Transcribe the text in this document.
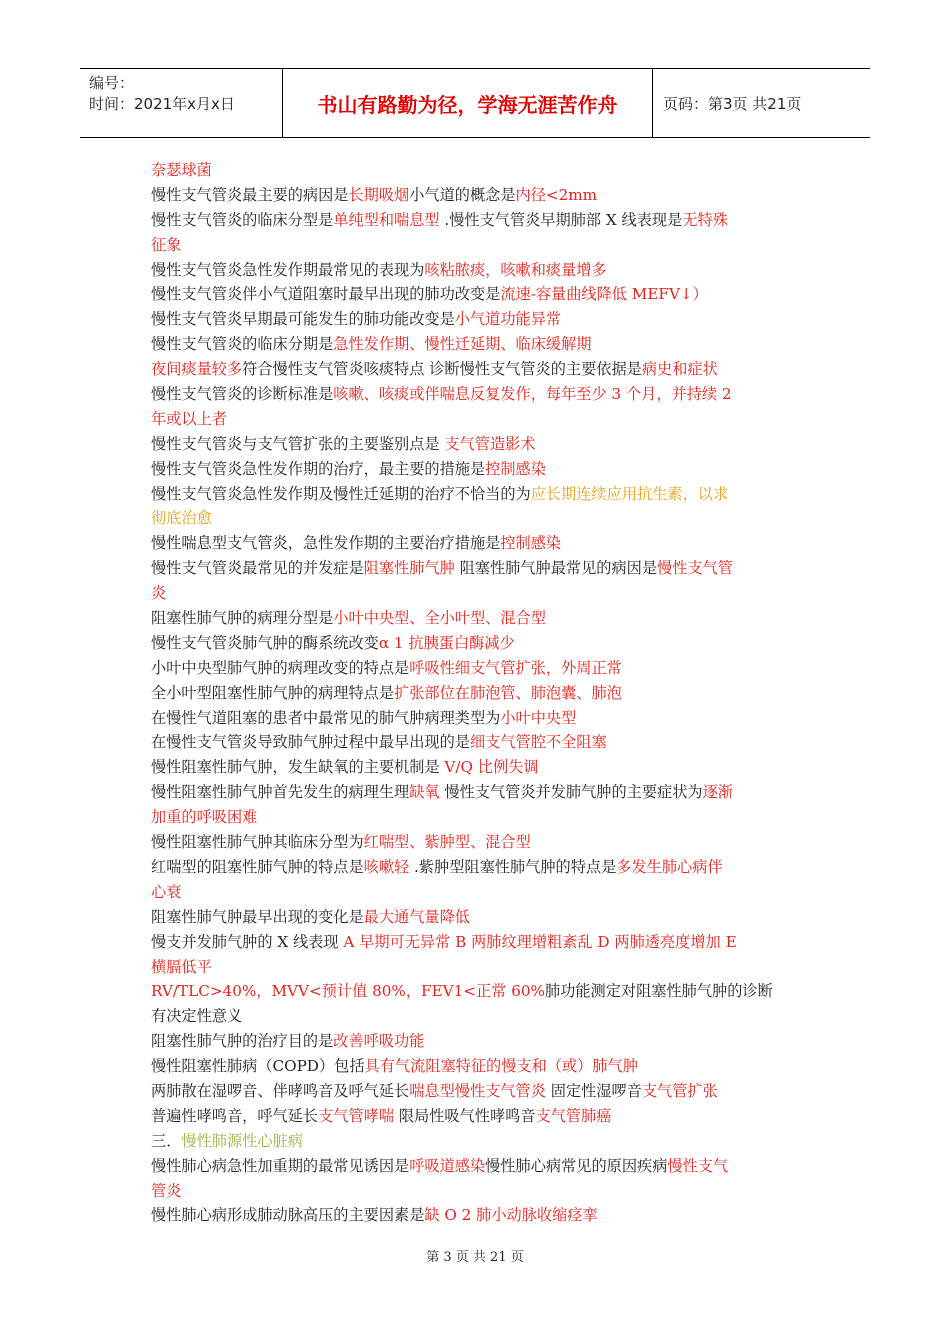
编号：
时间：2021年x月x日	书山有路勤为径，学海无涯苦作舟	页码：第3页 共21页
奈瑟球菌
慢性支气管炎最主要的病因是长期吸烟小气道的概念是内径<2mm
慢性支气管炎的临床分型是单纯型和喘息型 .慢性支气管炎早期肺部 X 线表现是无特殊
征象
慢性支气管炎急性发作期最常见的表现为咳粘脓痰，咳嗽和痰量增多
慢性支气管炎伴小气道阻塞时最早出现的肺功改变是流速-容量曲线降低 MEFV↓）
慢性支气管炎早期最可能发生的肺功能改变是小气道功能异常
慢性支气管炎的临床分期是急性发作期、慢性迁延期、临床缓解期
夜间痰量较多符合慢性支气管炎咳痰特点 诊断慢性支气管炎的主要依据是病史和症状
慢性支气管炎的诊断标准是咳嗽、咳痰或伴喘息反复发作，每年至少 3 个月，并持续 2
年或以上者
慢性支气管炎与支气管扩张的主要鉴别点是 支气管造影术
慢性支气管炎急性发作期的治疗，最主要的措施是控制感染
慢性支气管炎急性发作期及慢性迁延期的治疗不恰当的为应长期连续应用抗生素，以求
彻底治愈
慢性喘息型支气管炎，急性发作期的主要治疗措施是控制感染
慢性支气管炎最常见的并发症是阻塞性肺气肿 阻塞性肺气肿最常见的病因是慢性支气管
炎
阻塞性肺气肿的病理分型是小叶中央型、全小叶型、混合型
慢性支气管炎肺气肿的酶系统改变α 1 抗胰蛋白酶减少
小叶中央型肺气肿的病理改变的特点是呼吸性细支气管扩张，外周正常
全小叶型阻塞性肺气肿的病理特点是扩张部位在肺泡管、肺泡囊、肺泡
在慢性气道阻塞的患者中最常见的肺气肿病理类型为小叶中央型
在慢性支气管炎导致肺气肿过程中最早出现的是细支气管腔不全阻塞
慢性阻塞性肺气肿，发生缺氧的主要机制是 V/Q 比例失调
慢性阻塞性肺气肿首先发生的病理生理缺氧 慢性支气管炎并发肺气肿的主要症状为逐渐
加重的呼吸困难
慢性阻塞性肺气肿其临床分型为红喘型、紫肿型、混合型
红喘型的阻塞性肺气肿的特点是咳嗽轻 .紫肿型阻塞性肺气肿的特点是多发生肺心病伴
心衰
阻塞性肺气肿最早出现的变化是最大通气量降低
慢支并发肺气肿的 X 线表现 A 早期可无异常 B 两肺纹理增粗紊乱 D 两肺透亮度增加 E
横膈低平
RV/TLC>40%，MVV<预计值 80%，FEV1<正常 60%肺功能测定对阻塞性肺气肿的诊断
有决定性意义
阻塞性肺气肿的治疗目的是改善呼吸功能
慢性阻塞性肺病（COPD）包括具有气流阻塞特征的慢支和（或）肺气肿
两肺散在湿啰音、伴哮鸣音及呼气延长喘息型慢性支气管炎 固定性湿啰音支气管扩张
普遍性哮鸣音，呼气延长支气管哮喘 限局性吸气性哮鸣音支气管肺癌
三．慢性肺源性心脏病
慢性肺心病急性加重期的最常见诱因是呼吸道感染慢性肺心病常见的原因疾病慢性支气
管炎
慢性肺心病形成肺动脉高压的主要因素是缺 O 2 肺小动脉收缩痉挛
第 3 页 共 21 页
